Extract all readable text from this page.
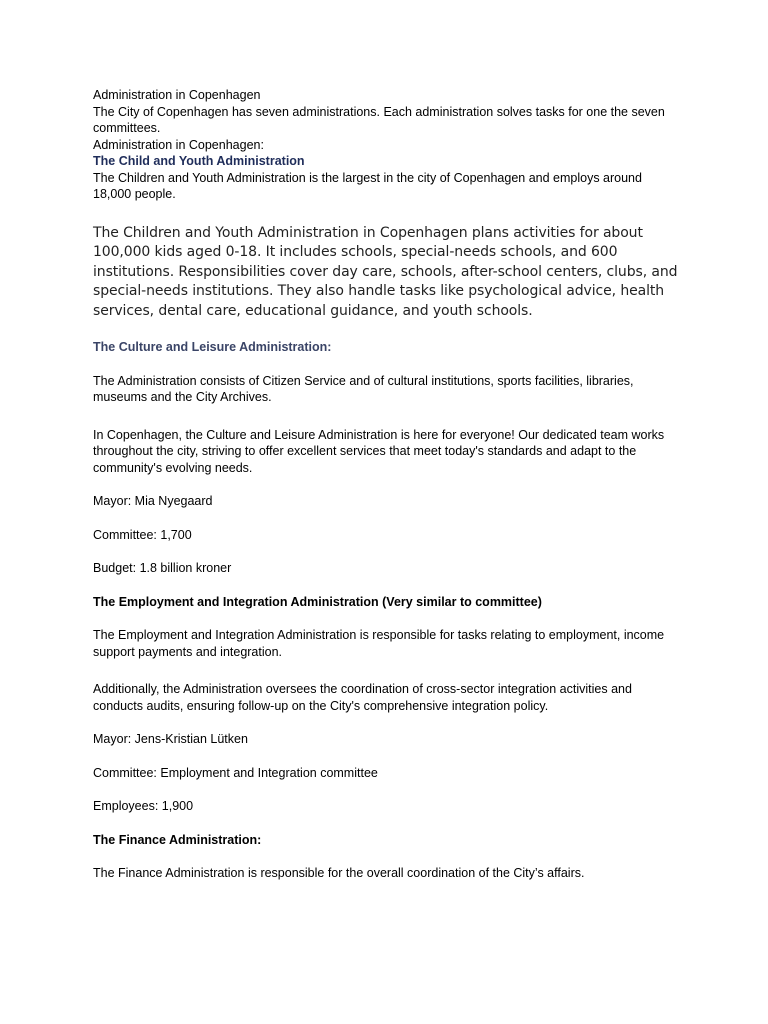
Administration in Copenhagen

The City of Copenhagen has seven administrations. Each administration solves tasks for one the seven committees.

Administration in Copenhagen:

The Child and Youth Administration

The Children and Youth Administration is the largest in the city of Copenhagen and employs around 18,000 people.

The Children and Youth Administration in Copenhagen plans activities for about 100,000 kids aged 0-18. It includes schools, special-needs schools, and 600 institutions. Responsibilities cover day care, schools, after-school centers, clubs, and special-needs institutions. They also handle tasks like psychological advice, health services, dental care, educational guidance, and youth schools.

The Culture and Leisure Administration:

The Administration consists of Citizen Service and of cultural institutions, sports facilities, libraries, museums and the City Archives.

In Copenhagen, the Culture and Leisure Administration is here for everyone! Our dedicated team works throughout the city, striving to offer excellent services that meet today's standards and adapt to the community's evolving needs.

Mayor: Mia Nyegaard

Committee: 1,700

Budget: 1.8 billion kroner

The Employment and Integration Administration (Very similar to committee)

The Employment and Integration Administration is responsible for tasks relating to employment, income support payments and integration.

Additionally, the Administration oversees the coordination of cross-sector integration activities and conducts audits, ensuring follow-up on the City's comprehensive integration policy.

Mayor: Jens-Kristian Lütken

Committee: Employment and Integration committee

Employees: 1,900

The Finance Administration:

The Finance Administration is responsible for the overall coordination of the City’s affairs.
